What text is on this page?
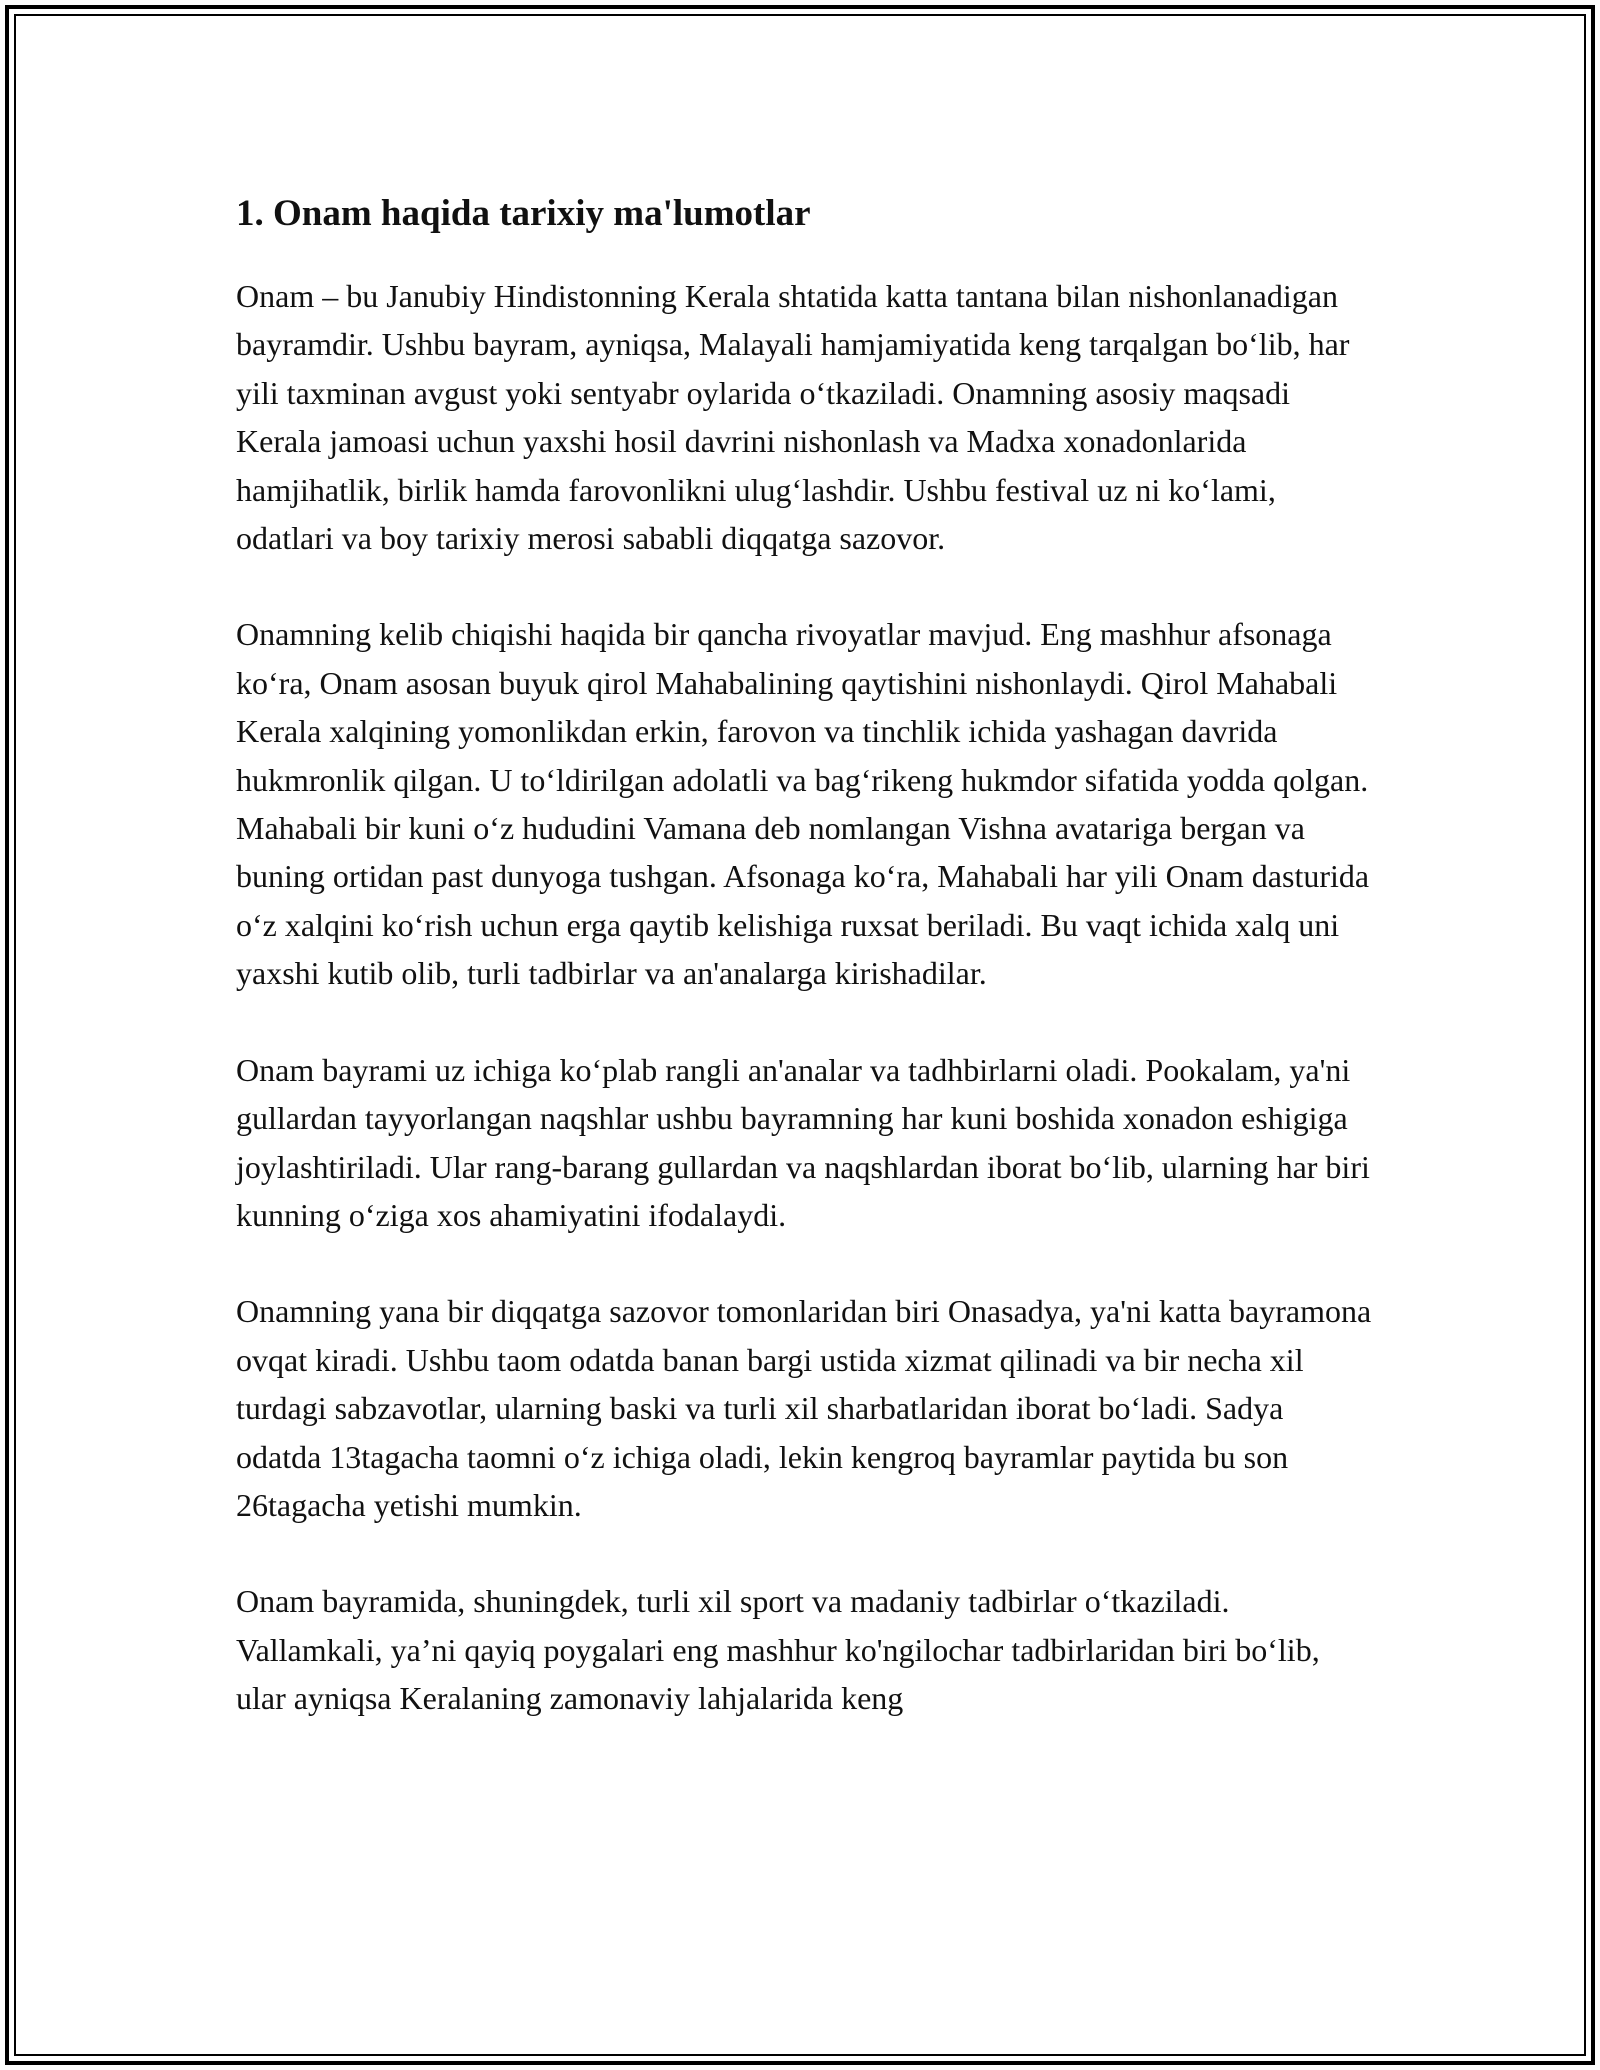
1. Onam haqida tarixiy ma'lumotlar

Onam – bu Janubiy Hindistonning Kerala shtatida katta tantana bilan nishonlanadigan bayramdir. Ushbu bayram, ayniqsa, Malayali hamjamiyatida keng tarqalgan bo‘lib, har yili taxminan avgust yoki sentyabr oylarida o‘tkaziladi. Onamning asosiy maqsadi Kerala jamoasi uchun yaxshi hosil davrini nishonlash va Madxa xonadonlarida hamjihatlik, birlik hamda farovonlikni ulug‘lashdir. Ushbu festival uz ni ko‘lami, odatlari va boy tarixiy merosi sababli diqqatga sazovor.

Onamning kelib chiqishi haqida bir qancha rivoyatlar mavjud. Eng mashhur afsonaga ko‘ra, Onam asosan buyuk qirol Mahabalining qaytishini nishonlaydi. Qirol Mahabali Kerala xalqining yomonlikdan erkin, farovon va tinchlik ichida yashagan davrida hukmronlik qilgan. U to‘ldirilgan adolatli va bag‘rikeng hukmdor sifatida yodda qolgan. Mahabali bir kuni o‘z hududini Vamana deb nomlangan Vishna avatariga bergan va buning ortidan past dunyoga tushgan. Afsonaga ko‘ra, Mahabali har yili Onam dasturida o‘z xalqini ko‘rish uchun erga qaytib kelishiga ruxsat beriladi. Bu vaqt ichida xalq uni yaxshi kutib olib, turli tadbirlar va an'analarga kirishadilar.

Onam bayrami uz ichiga ko‘plab rangli an'analar va tadhbirlarni oladi. Pookalam, ya'ni gullardan tayyorlangan naqshlar ushbu bayramning har kuni boshida xonadon eshigiga joylashtiriladi. Ular rang-barang gullardan va naqshlardan iborat bo‘lib, ularning har biri kunning o‘ziga xos ahamiyatini ifodalaydi.

Onamning yana bir diqqatga sazovor tomonlaridan biri Onasadya, ya'ni katta bayramona ovqat kiradi. Ushbu taom odatda banan bargi ustida xizmat qilinadi va bir necha xil turdagi sabzavotlar, ularning baski va turli xil sharbatlaridan iborat bo‘ladi. Sadya odatda 13tagacha taomni o‘z ichiga oladi, lekin kengroq bayramlar paytida bu son 26tagacha yetishi mumkin.

Onam bayramida, shuningdek, turli xil sport va madaniy tadbirlar o‘tkaziladi. Vallamkali, ya’ni qayiq poygalari eng mashhur ko'ngilochar tadbirlaridan biri bo‘lib, ular ayniqsa Keralaning zamonaviy lahjalarida keng
